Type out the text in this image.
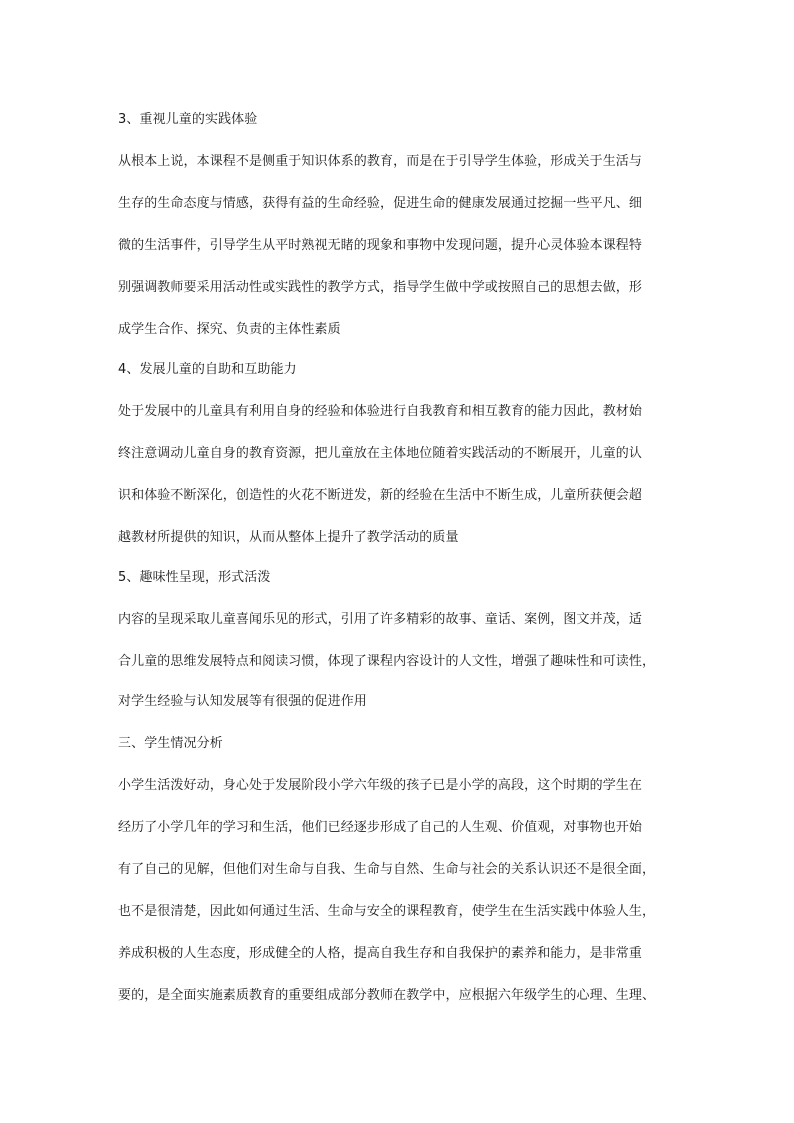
3、重视儿童的实践体验
从根本上说，本课程不是侧重于知识体系的教育，而是在于引导学生体验，形成关于生活与
生存的生命态度与情感，获得有益的生命经验，促进生命的健康发展通过挖掘一些平凡、细
微的生活事件，引导学生从平时熟视无睹的现象和事物中发现问题，提升心灵体验本课程特
别强调教师要采用活动性或实践性的教学方式，指导学生做中学或按照自己的思想去做，形
成学生合作、探究、负责的主体性素质
4、发展儿童的自助和互助能力
处于发展中的儿童具有利用自身的经验和体验进行自我教育和相互教育的能力因此，教材始
终注意调动儿童自身的教育资源，把儿童放在主体地位随着实践活动的不断展开，儿童的认
识和体验不断深化，创造性的火花不断迸发，新的经验在生活中不断生成，儿童所获便会超
越教材所提供的知识，从而从整体上提升了教学活动的质量
5、趣味性呈现，形式活泼
内容的呈现采取儿童喜闻乐见的形式，引用了许多精彩的故事、童话、案例，图文并茂，适
合儿童的思维发展特点和阅读习惯，体现了课程内容设计的人文性，增强了趣味性和可读性，
对学生经验与认知发展等有很强的促进作用
三、学生情况分析
小学生活泼好动，身心处于发展阶段小学六年级的孩子已是小学的高段，这个时期的学生在
经历了小学几年的学习和生活，他们已经逐步形成了自己的人生观、价值观，对事物也开始
有了自己的见解，但他们对生命与自我、生命与自然、生命与社会的关系认识还不是很全面，
也不是很清楚，因此如何通过生活、生命与安全的课程教育，使学生在生活实践中体验人生，
养成积极的人生态度，形成健全的人格，提高自我生存和自我保护的素养和能力，是非常重
要的，是全面实施素质教育的重要组成部分教师在教学中，应根据六年级学生的心理、生理、
